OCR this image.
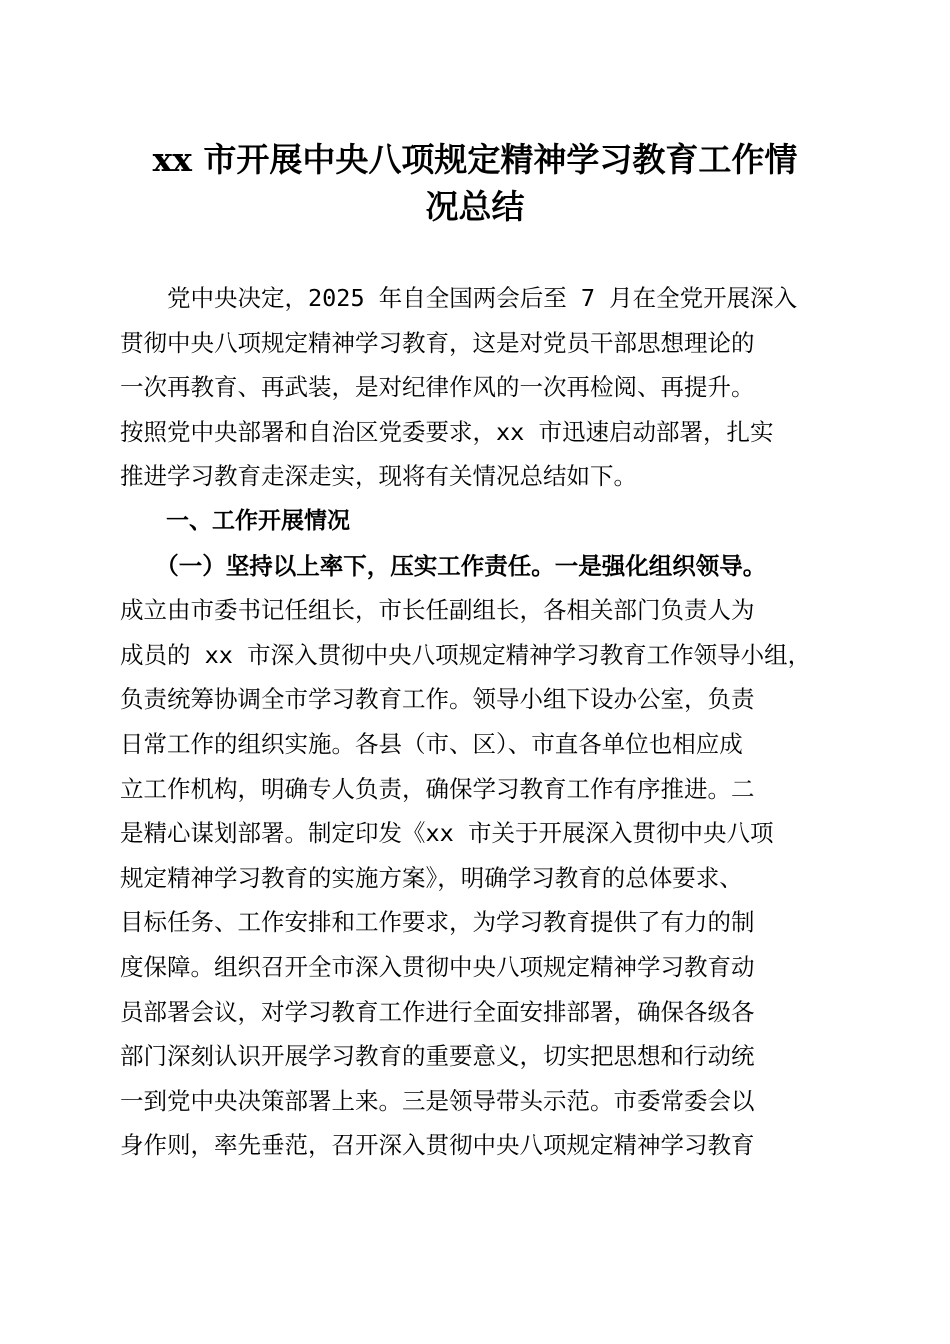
xx 市开展中央八项规定精神学习教育工作情
况总结
　　党中央决定，2025 年自全国两会后至 7 月在全党开展深入
贯彻中央八项规定精神学习教育，这是对党员干部思想理论的
一次再教育、再武装，是对纪律作风的一次再检阅、再提升。
按照党中央部署和自治区党委要求，xx 市迅速启动部署，扎实
推进学习教育走深走实，现将有关情况总结如下。
　　一、工作开展情况
　　（一）坚持以上率下，压实工作责任。一是强化组织领导。
成立由市委书记任组长，市长任副组长，各相关部门负责人为
成员的 xx 市深入贯彻中央八项规定精神学习教育工作领导小组，
负责统筹协调全市学习教育工作。领导小组下设办公室，负责
日常工作的组织实施。各县（市、区）、市直各单位也相应成
立工作机构，明确专人负责，确保学习教育工作有序推进。二
是精心谋划部署。制定印发《xx 市关于开展深入贯彻中央八项
规定精神学习教育的实施方案》，明确学习教育的总体要求、
目标任务、工作安排和工作要求，为学习教育提供了有力的制
度保障。组织召开全市深入贯彻中央八项规定精神学习教育动
员部署会议，对学习教育工作进行全面安排部署，确保各级各
部门深刻认识开展学习教育的重要意义，切实把思想和行动统
一到党中央决策部署上来。三是领导带头示范。市委常委会以
身作则，率先垂范，召开深入贯彻中央八项规定精神学习教育
